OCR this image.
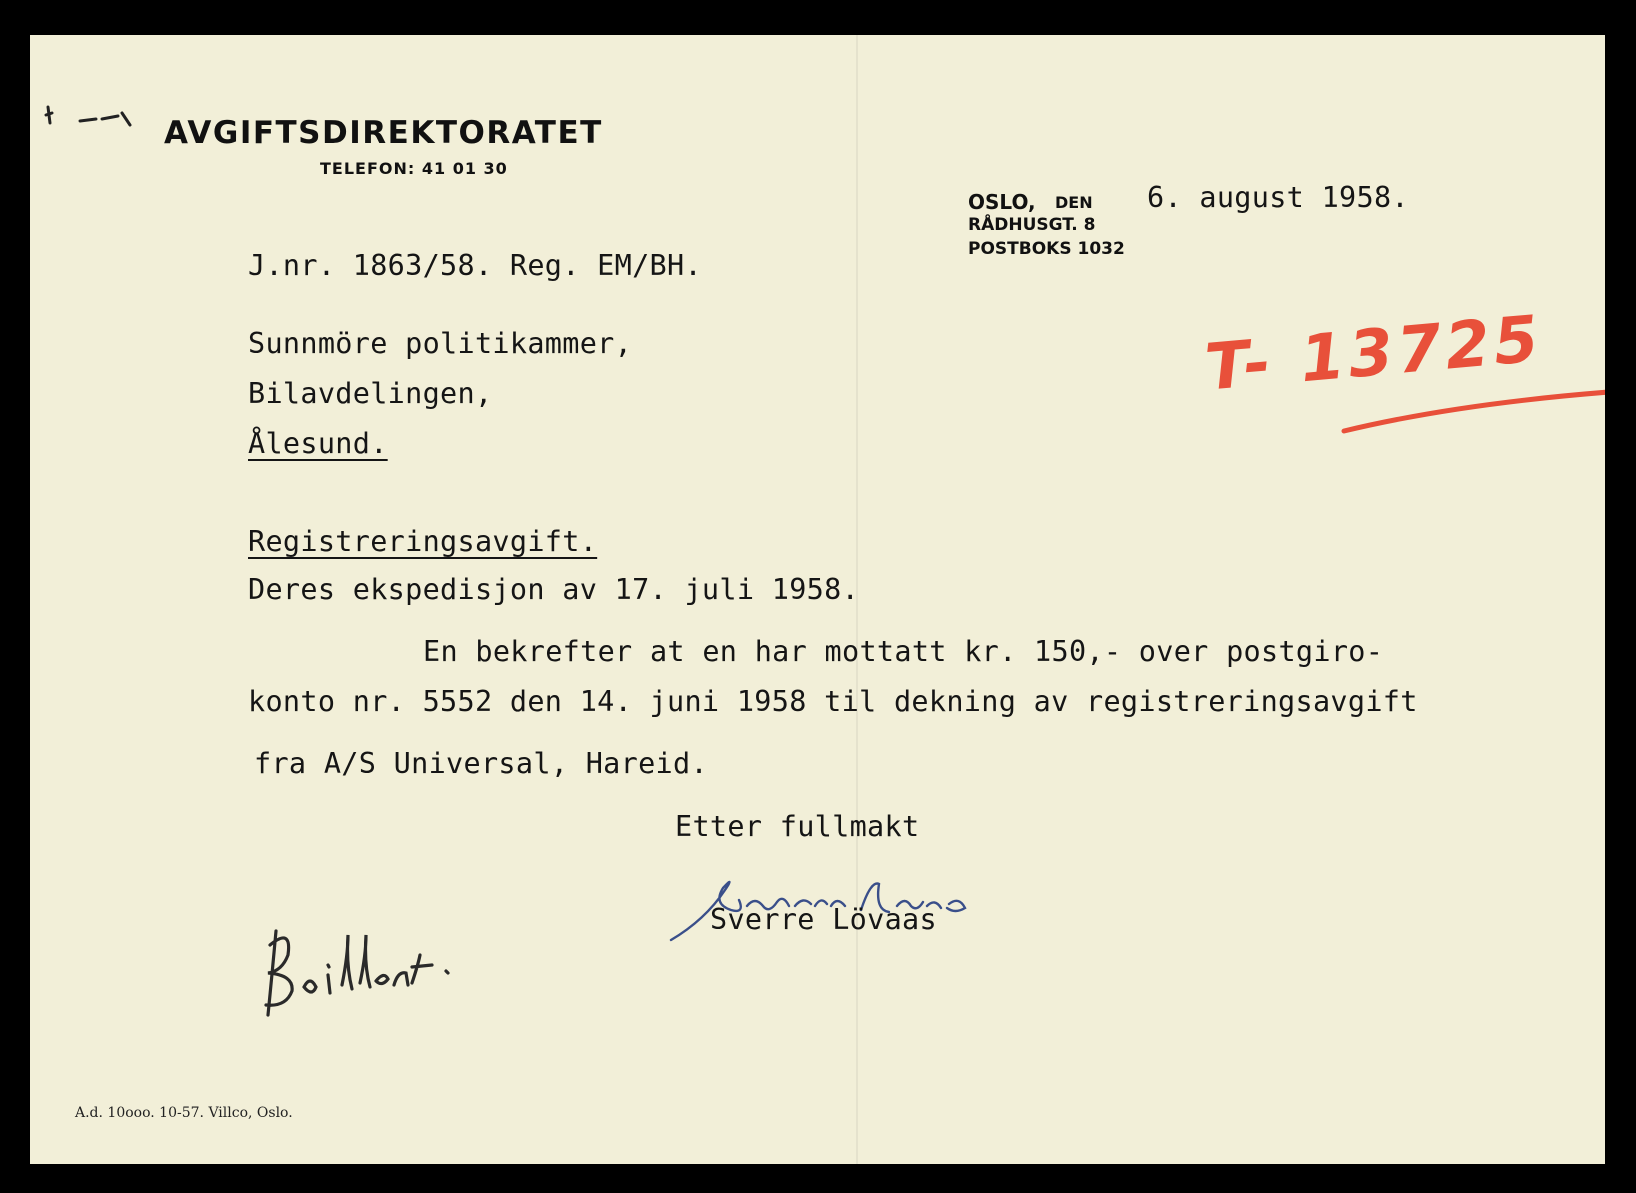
AVGIFTSDIREKTORATET
TELEFON: 41 01 30
OSLO, DEN 6. august 1958.
RÅDHUSGT. 8
POSTBOKS 1032
J.nr. 1863/58. Reg. EM/BH.
T- 13725
Sunnmöre politikammer,
Bilavdelingen,
Ålesund.
Registreringsavgift.
Deres ekspedisjon av 17. juli 1958.
En bekrefter at en har mottatt kr. 150,- over postgiro-
konto nr. 5552 den 14. juni 1958 til dekning av registreringsavgift
fra A/S Universal, Hareid.
Etter fullmakt
Sverre Lövaas
A.d. 10ooo. 10-57. Villco, Oslo.
